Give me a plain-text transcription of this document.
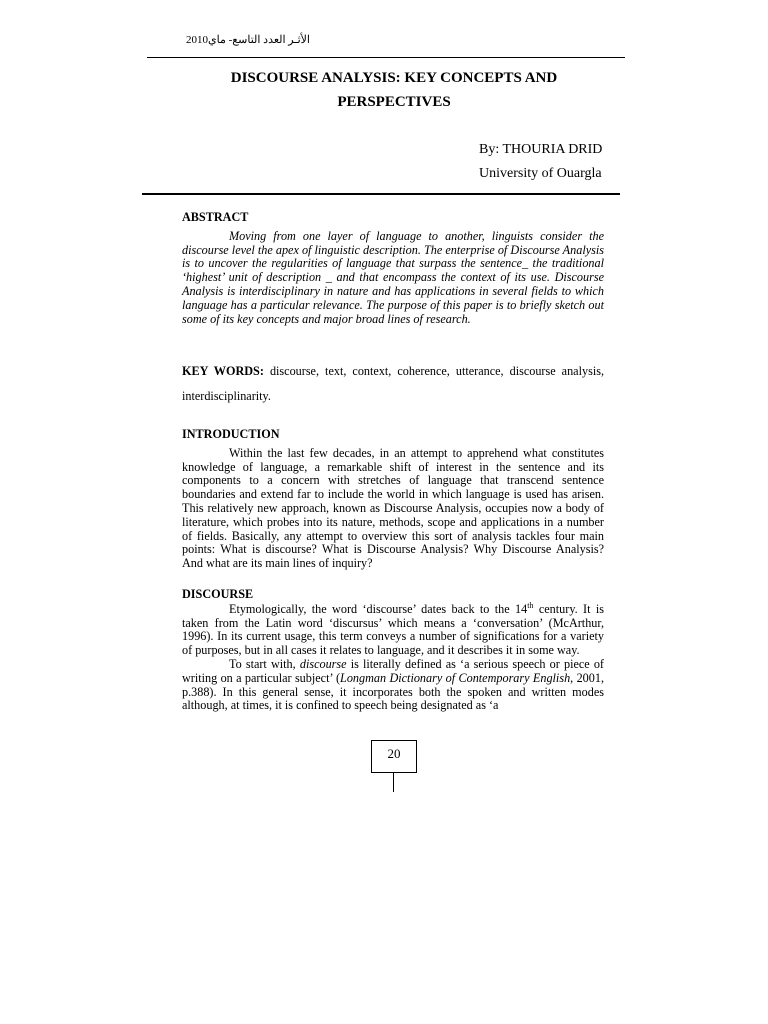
الأثـر العدد التاسع- ماي2010
DISCOURSE ANALYSIS: KEY CONCEPTS AND
PERSPECTIVES
By: THOURIA DRID
University of Ouargla
ABSTRACT

Moving from one layer of language to another, linguists consider the discourse level the apex of linguistic description. The enterprise of Discourse Analysis is to uncover the regularities of language that surpass the sentence_ the traditional ‘highest’ unit of description _ and that encompass the context of its use. Discourse Analysis is interdisciplinary in nature and has applications in several fields to which language has a particular relevance. The purpose of this paper is to briefly sketch out some of its key concepts and major broad lines of research.

KEY WORDS: discourse, text, context, coherence, utterance, discourse analysis, interdisciplinarity.
INTRODUCTION

Within the last few decades, in an attempt to apprehend what constitutes knowledge of language, a remarkable shift of interest in the sentence and its components to a concern with stretches of language that transcend sentence boundaries and extend far to include the world in which language is used has arisen. This relatively new approach, known as Discourse Analysis, occupies now a body of literature, which probes into its nature, methods, scope and applications in a number of fields. Basically, any attempt to overview this sort of analysis tackles four main points: What is discourse? What is Discourse Analysis? Why Discourse Analysis? And what are its main lines of inquiry?

DISCOURSE

Etymologically, the word ‘discourse’ dates back to the 14th century. It is taken from the Latin word ‘discursus’ which means a ‘conversation’ (McArthur, 1996). In its current usage, this term conveys a number of significations for a variety of purposes, but in all cases it relates to language, and it describes it in some way.

To start with, discourse is literally defined as ‘a serious speech or piece of writing on a particular subject’ (Longman Dictionary of Contemporary English, 2001, p.388). In this general sense, it incorporates both the spoken and written modes although, at times, it is confined to speech being designated as ‘a

20
